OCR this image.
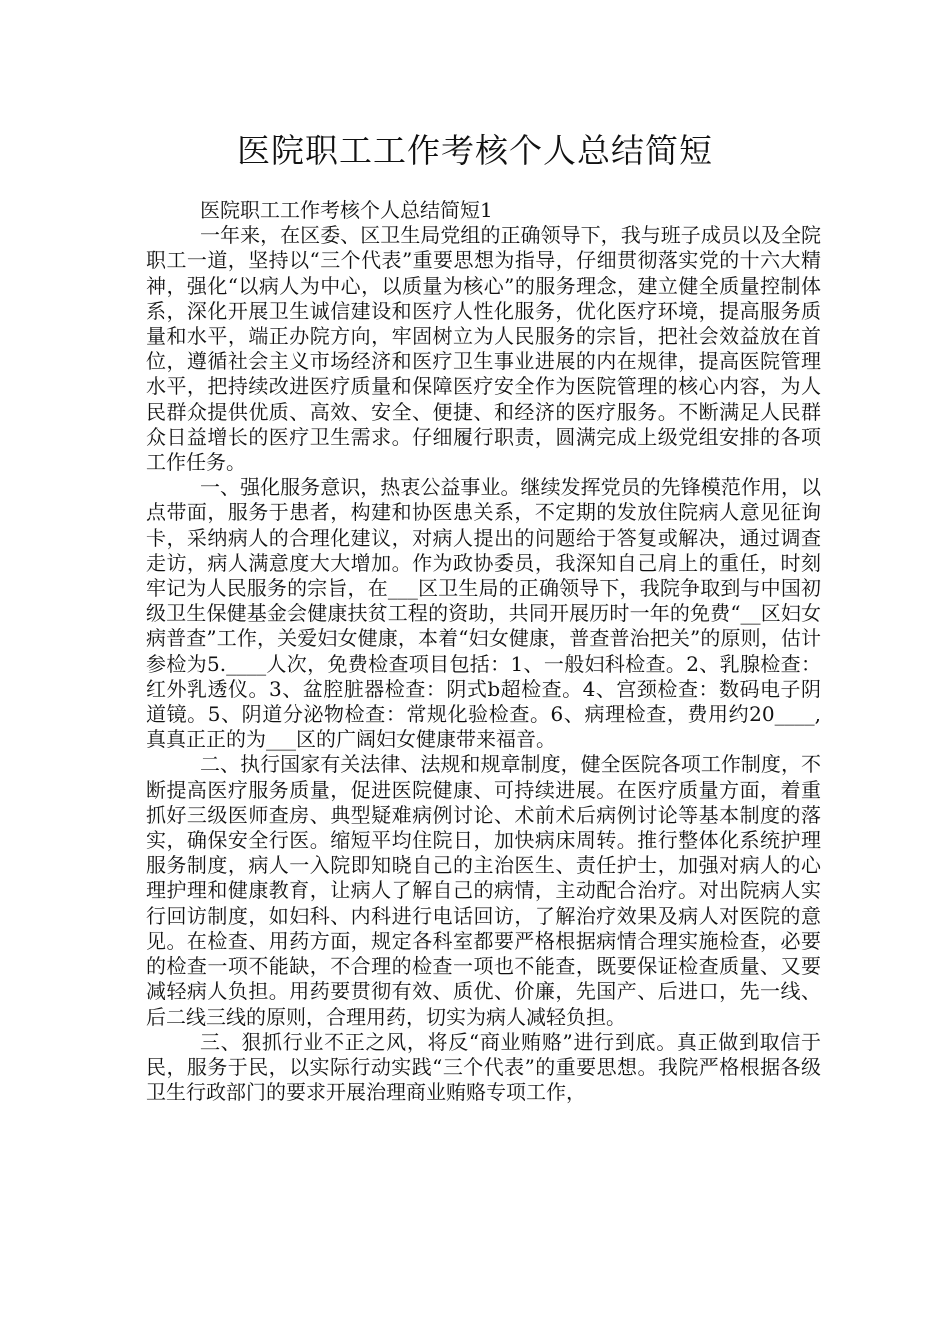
医院职工工作考核个人总结简短

医院职工工作考核个人总结简短1

一年来，在区委、区卫生局党组的正确领导下，我与班子成员以及全院职工一道，坚持以“三个代表”重要思想为指导，仔细贯彻落实党的十六大精神，强化“以病人为中心，以质量为核心”的服务理念，建立健全质量控制体系，深化开展卫生诚信建设和医疗人性化服务，优化医疗环境，提高服务质量和水平，端正办院方向，牢固树立为人民服务的宗旨，把社会效益放在首位，遵循社会主义市场经济和医疗卫生事业进展的内在规律，提高医院管理水平，把持续改进医疗质量和保障医疗安全作为医院管理的核心内容，为人民群众提供优质、高效、安全、便捷、和经济的医疗服务。不断满足人民群众日益增长的医疗卫生需求。仔细履行职责，圆满完成上级党组安排的各项工作任务。

一、强化服务意识，热衷公益事业。继续发挥党员的先锋模范作用，以点带面，服务于患者，构建和协医患关系，不定期的发放住院病人意见征询卡，采纳病人的合理化建议，对病人提出的问题给于答复或解决，通过调查走访，病人满意度大大增加。作为政协委员，我深知自己肩上的重任，时刻牢记为人民服务的宗旨，在___区卫生局的正确领导下，我院争取到与中国初级卫生保健基金会健康扶贫工程的资助，共同开展历时一年的免费“__区妇女病普查”工作，关爱妇女健康，本着“妇女健康，普查普治把关”的原则，估计参检为5.____人次，免费检查项目包括：1、一般妇科检查。2、乳腺检查：红外乳透仪。3、盆腔脏器检查：阴式b超检查。4、宫颈检查：数码电子阴道镜。5、阴道分泌物检查：常规化验检查。6、病理检查，费用约20____,真真正正的为___区的广阔妇女健康带来福音。

二、执行国家有关法律、法规和规章制度，健全医院各项工作制度，不断提高医疗服务质量，促进医院健康、可持续进展。在医疗质量方面，着重抓好三级医师查房、典型疑难病例讨论、术前术后病例讨论等基本制度的落实，确保安全行医。缩短平均住院日，加快病床周转。推行整体化系统护理服务制度，病人一入院即知晓自己的主治医生、责任护士，加强对病人的心理护理和健康教育，让病人了解自己的病情，主动配合治疗。对出院病人实行回访制度，如妇科、内科进行电话回访，了解治疗效果及病人对医院的意见。在检查、用药方面，规定各科室都要严格根据病情合理实施检查，必要的检查一项不能缺，不合理的检查一项也不能查，既要保证检查质量、又要减轻病人负担。用药要贯彻有效、质优、价廉，先国产、后进口，先一线、后二线三线的原则，合理用药，切实为病人减轻负担。

三、狠抓行业不正之风，将反“商业贿赂”进行到底。真正做到取信于民，服务于民，以实际行动实践“三个代表”的重要思想。我院严格根据各级卫生行政部门的要求开展治理商业贿赂专项工作，
